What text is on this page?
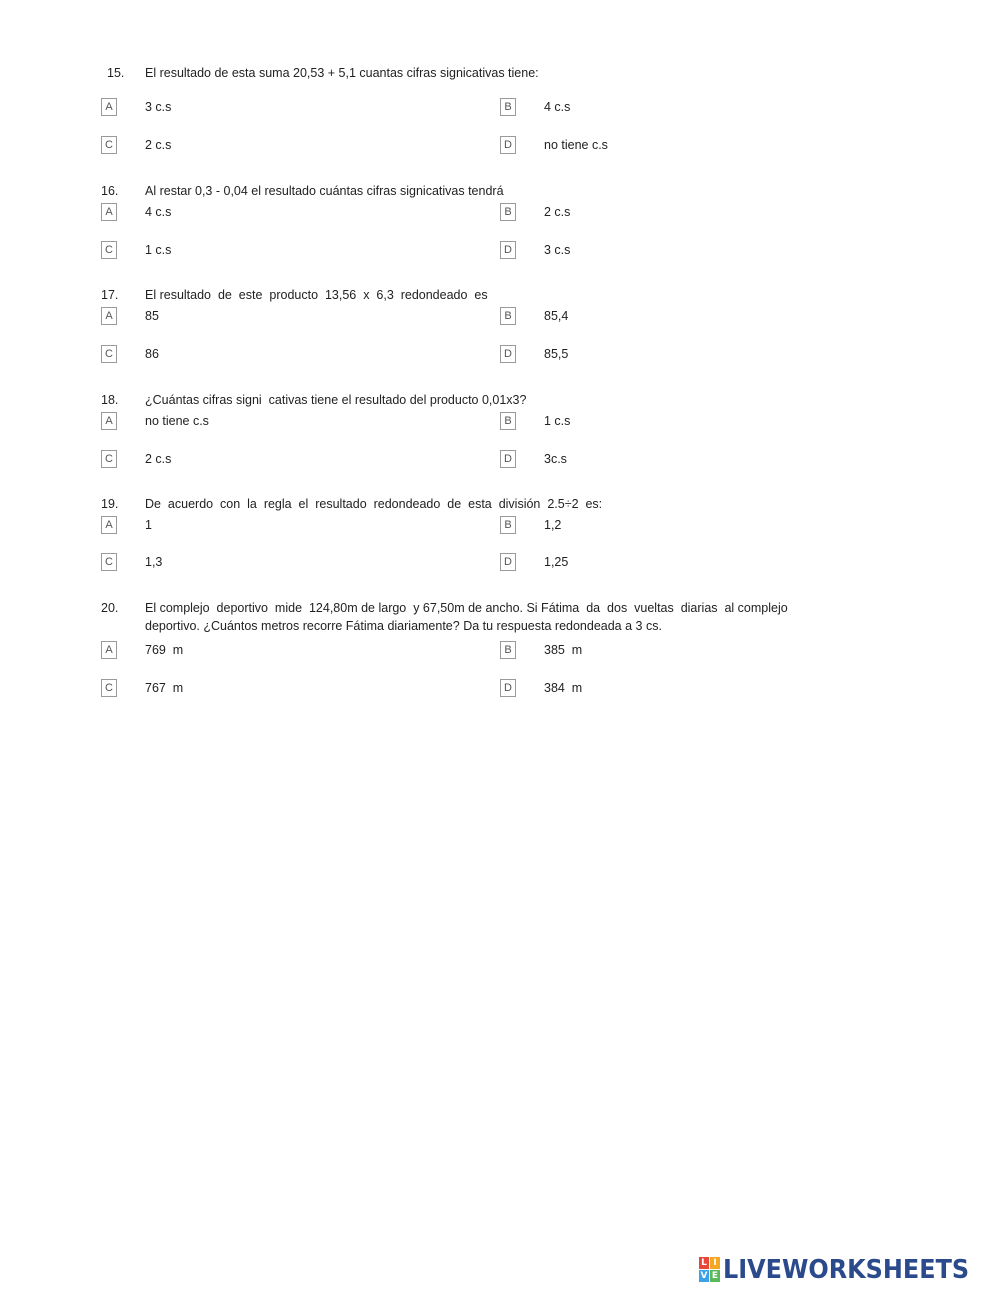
15. El resultado de esta suma 20,53 + 5,1 cuantas cifras signicativas tiene:
A	3 c.s	B	4 c.s
C	2 c.s	D	no tiene c.s
16. Al restar 0,3 - 0,04 el resultado cuántas cifras signicativas tendrá
A	4 c.s	B	2 c.s
C	1 c.s	D	3 c.s
17. El resultado  de  este  producto  13,56  x  6,3  redondeado  es
A	85	B	85,4
C	86	D	85,5
18. ¿Cuántas cifras signi  cativas tiene el resultado del producto 0,01x3?
A	no tiene c.s	B	1 c.s
C	2 c.s	D	3c.s
19. De  acuerdo  con  la  regla  el  resultado  redondeado  de  esta  división  2.5÷2  es:
A	1	B	1,2
C	1,3	D	1,25
20. El complejo  deportivo  mide  124,80m de largo  y 67,50m de ancho. Si Fátima  da  dos  vueltas  diarias  al complejo deportivo. ¿Cuántos metros recorre Fátima diariamente? Da tu respuesta redondeada a 3 cs.
A	769  m	B	385  m
C	767  m	D	384  m
L I
V E LIVEWORKSHEETS
